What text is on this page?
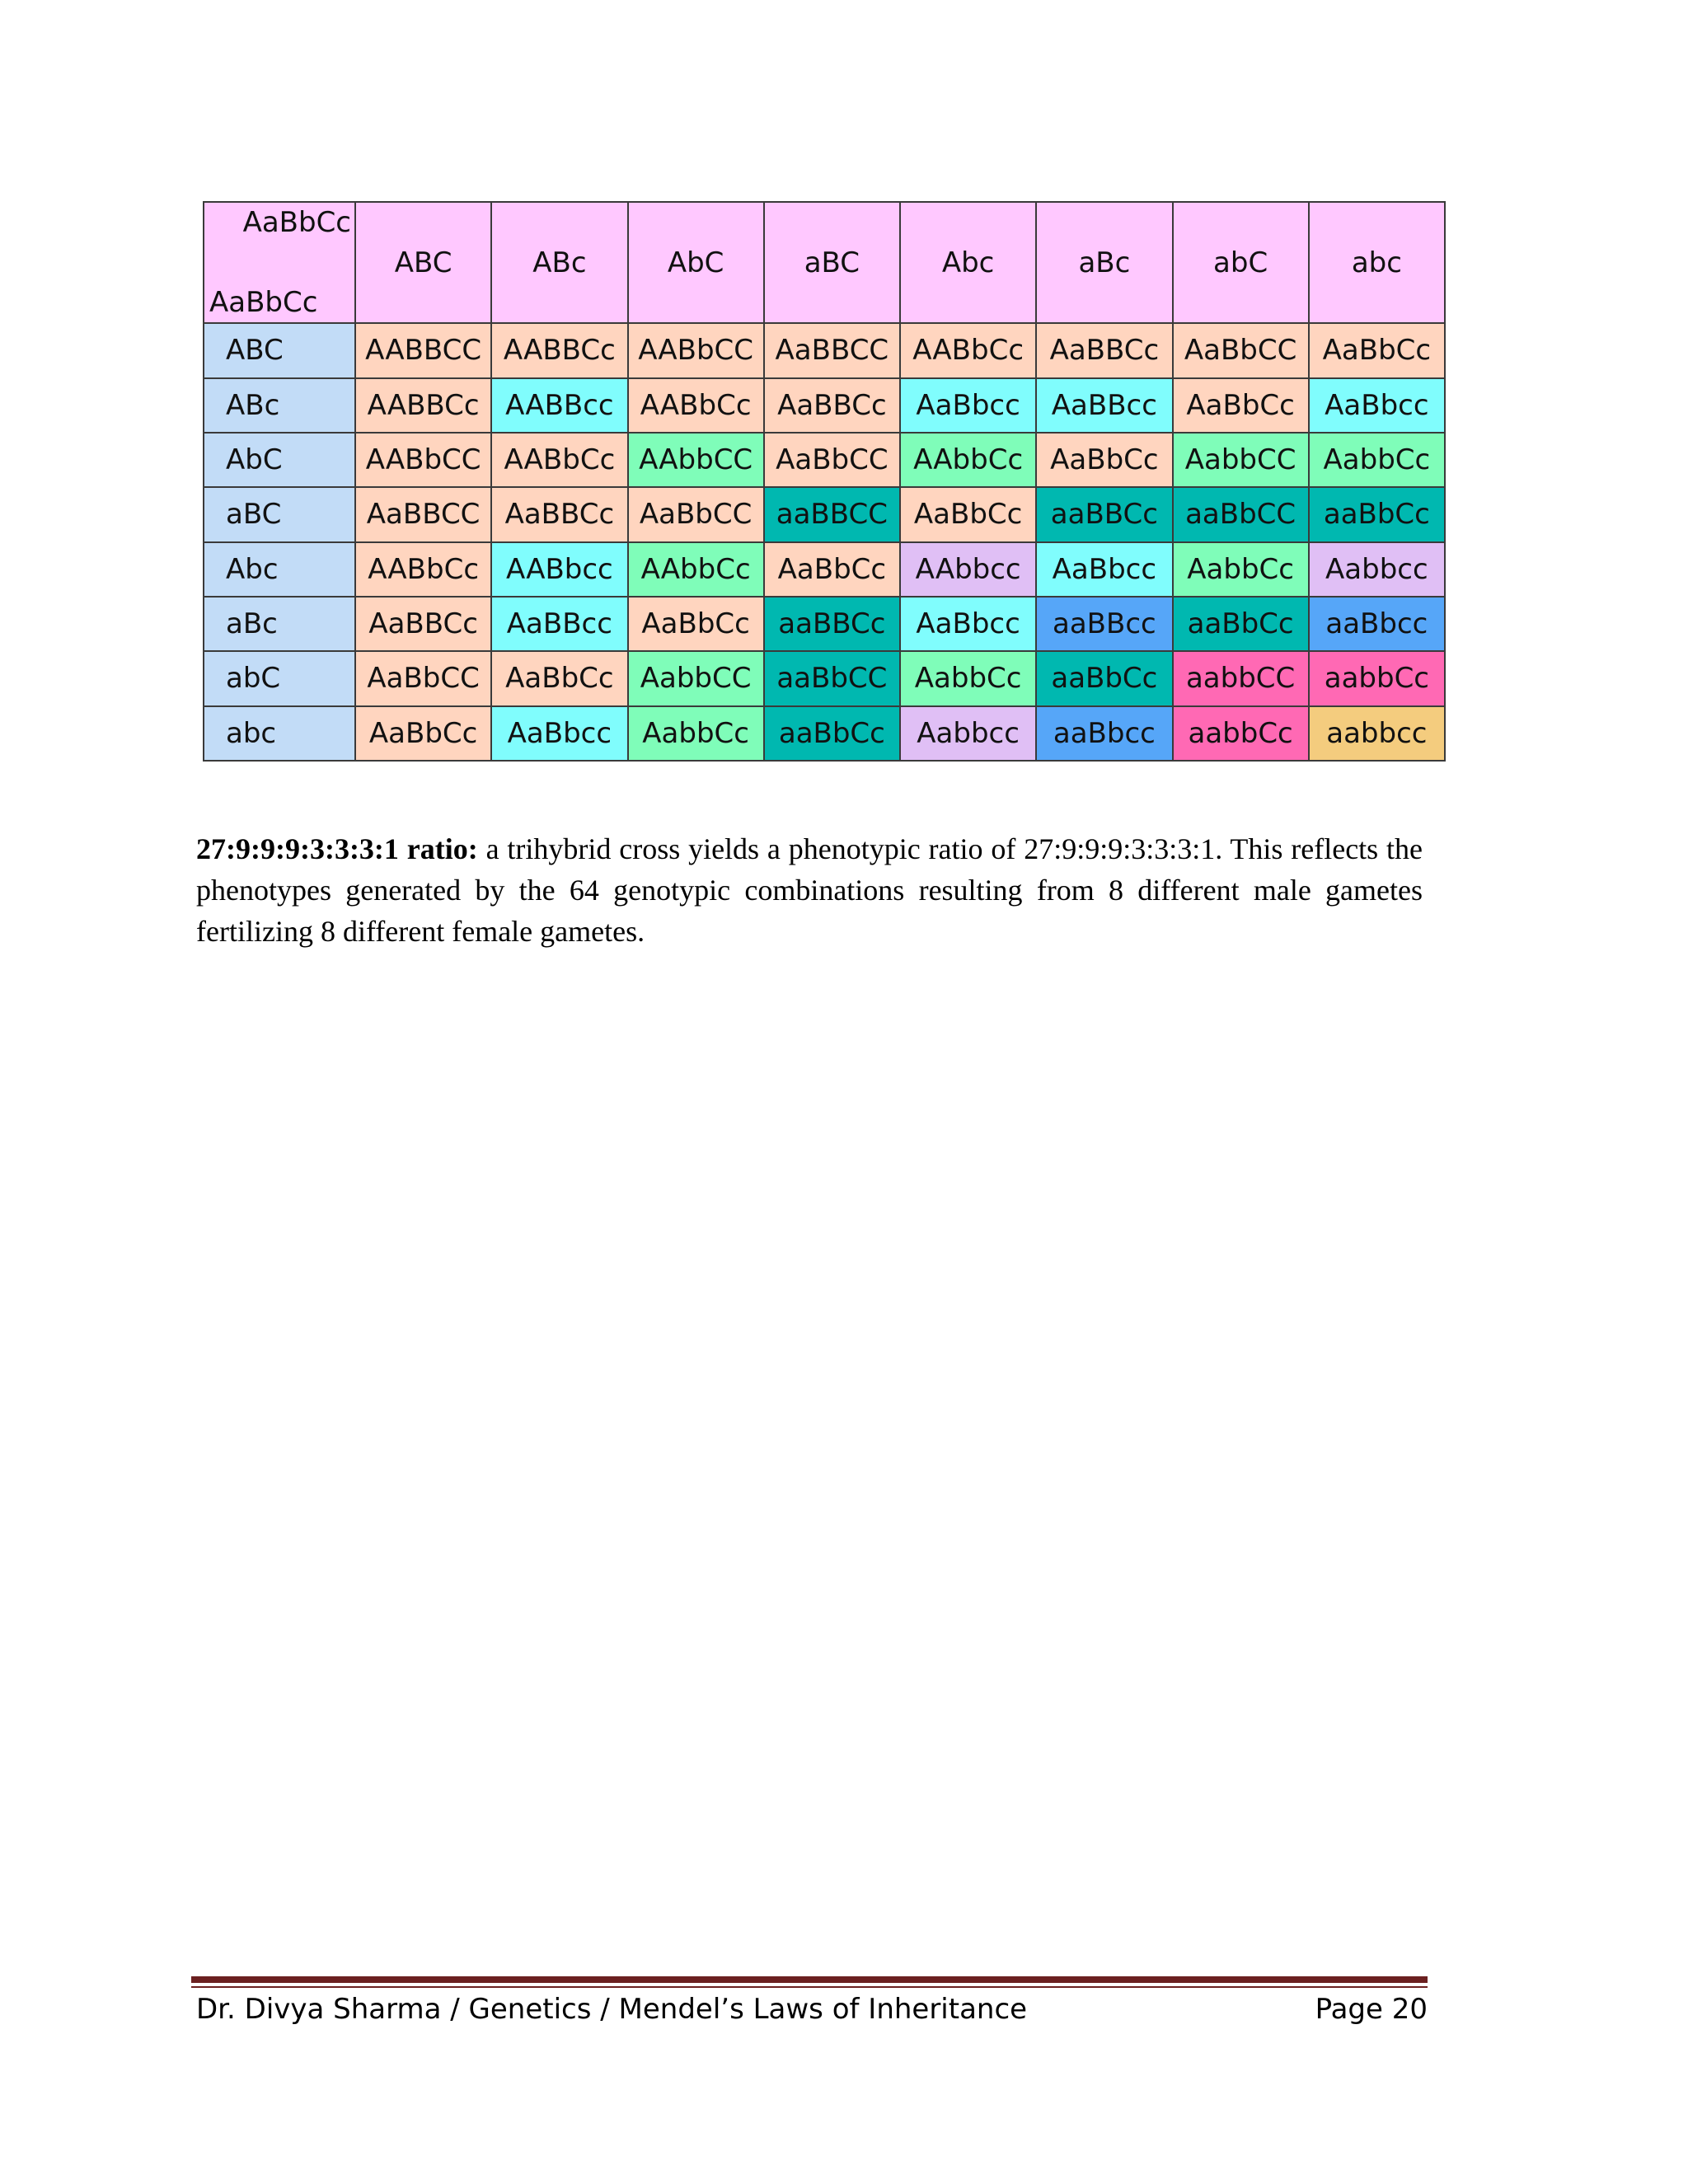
AaBbCc
AaBbCc	ABC	ABc	AbC	aBC	Abc	aBc	abC	abc
ABC	AABBCC	AABBCc	AABbCC	AaBBCC	AABbCc	AaBBCc	AaBbCC	AaBbCc
ABc	AABBCc	AABBcc	AABbCc	AaBBCc	AaBbcc	AaBBcc	AaBbCc	AaBbcc
AbC	AABbCC	AABbCc	AAbbCC	AaBbCC	AAbbCc	AaBbCc	AabbCC	AabbCc
aBC	AaBBCC	AaBBCc	AaBbCC	aaBBCC	AaBbCc	aaBBCc	aaBbCC	aaBbCc
Abc	AABbCc	AABbcc	AAbbCc	AaBbCc	AAbbcc	AaBbcc	AabbCc	Aabbcc
aBc	AaBBCc	AaBBcc	AaBbCc	aaBBCc	AaBbcc	aaBBcc	aaBbCc	aaBbcc
abC	AaBbCC	AaBbCc	AabbCC	aaBbCC	AabbCc	aaBbCc	aabbCC	aabbCc
abc	AaBbCc	AaBbcc	AabbCc	aaBbCc	Aabbcc	aaBbcc	aabbCc	aabbcc

27:9:9:9:3:3:3:1 ratio: a trihybrid cross yields a phenotypic ratio of 27:9:9:9:3:3:3:1. This reflects the phenotypes generated by the 64 genotypic combinations resulting from 8 different male gametes fertilizing 8 different female gametes.

Dr. Divya Sharma / Genetics / Mendel’s Laws of Inheritance	Page 20
